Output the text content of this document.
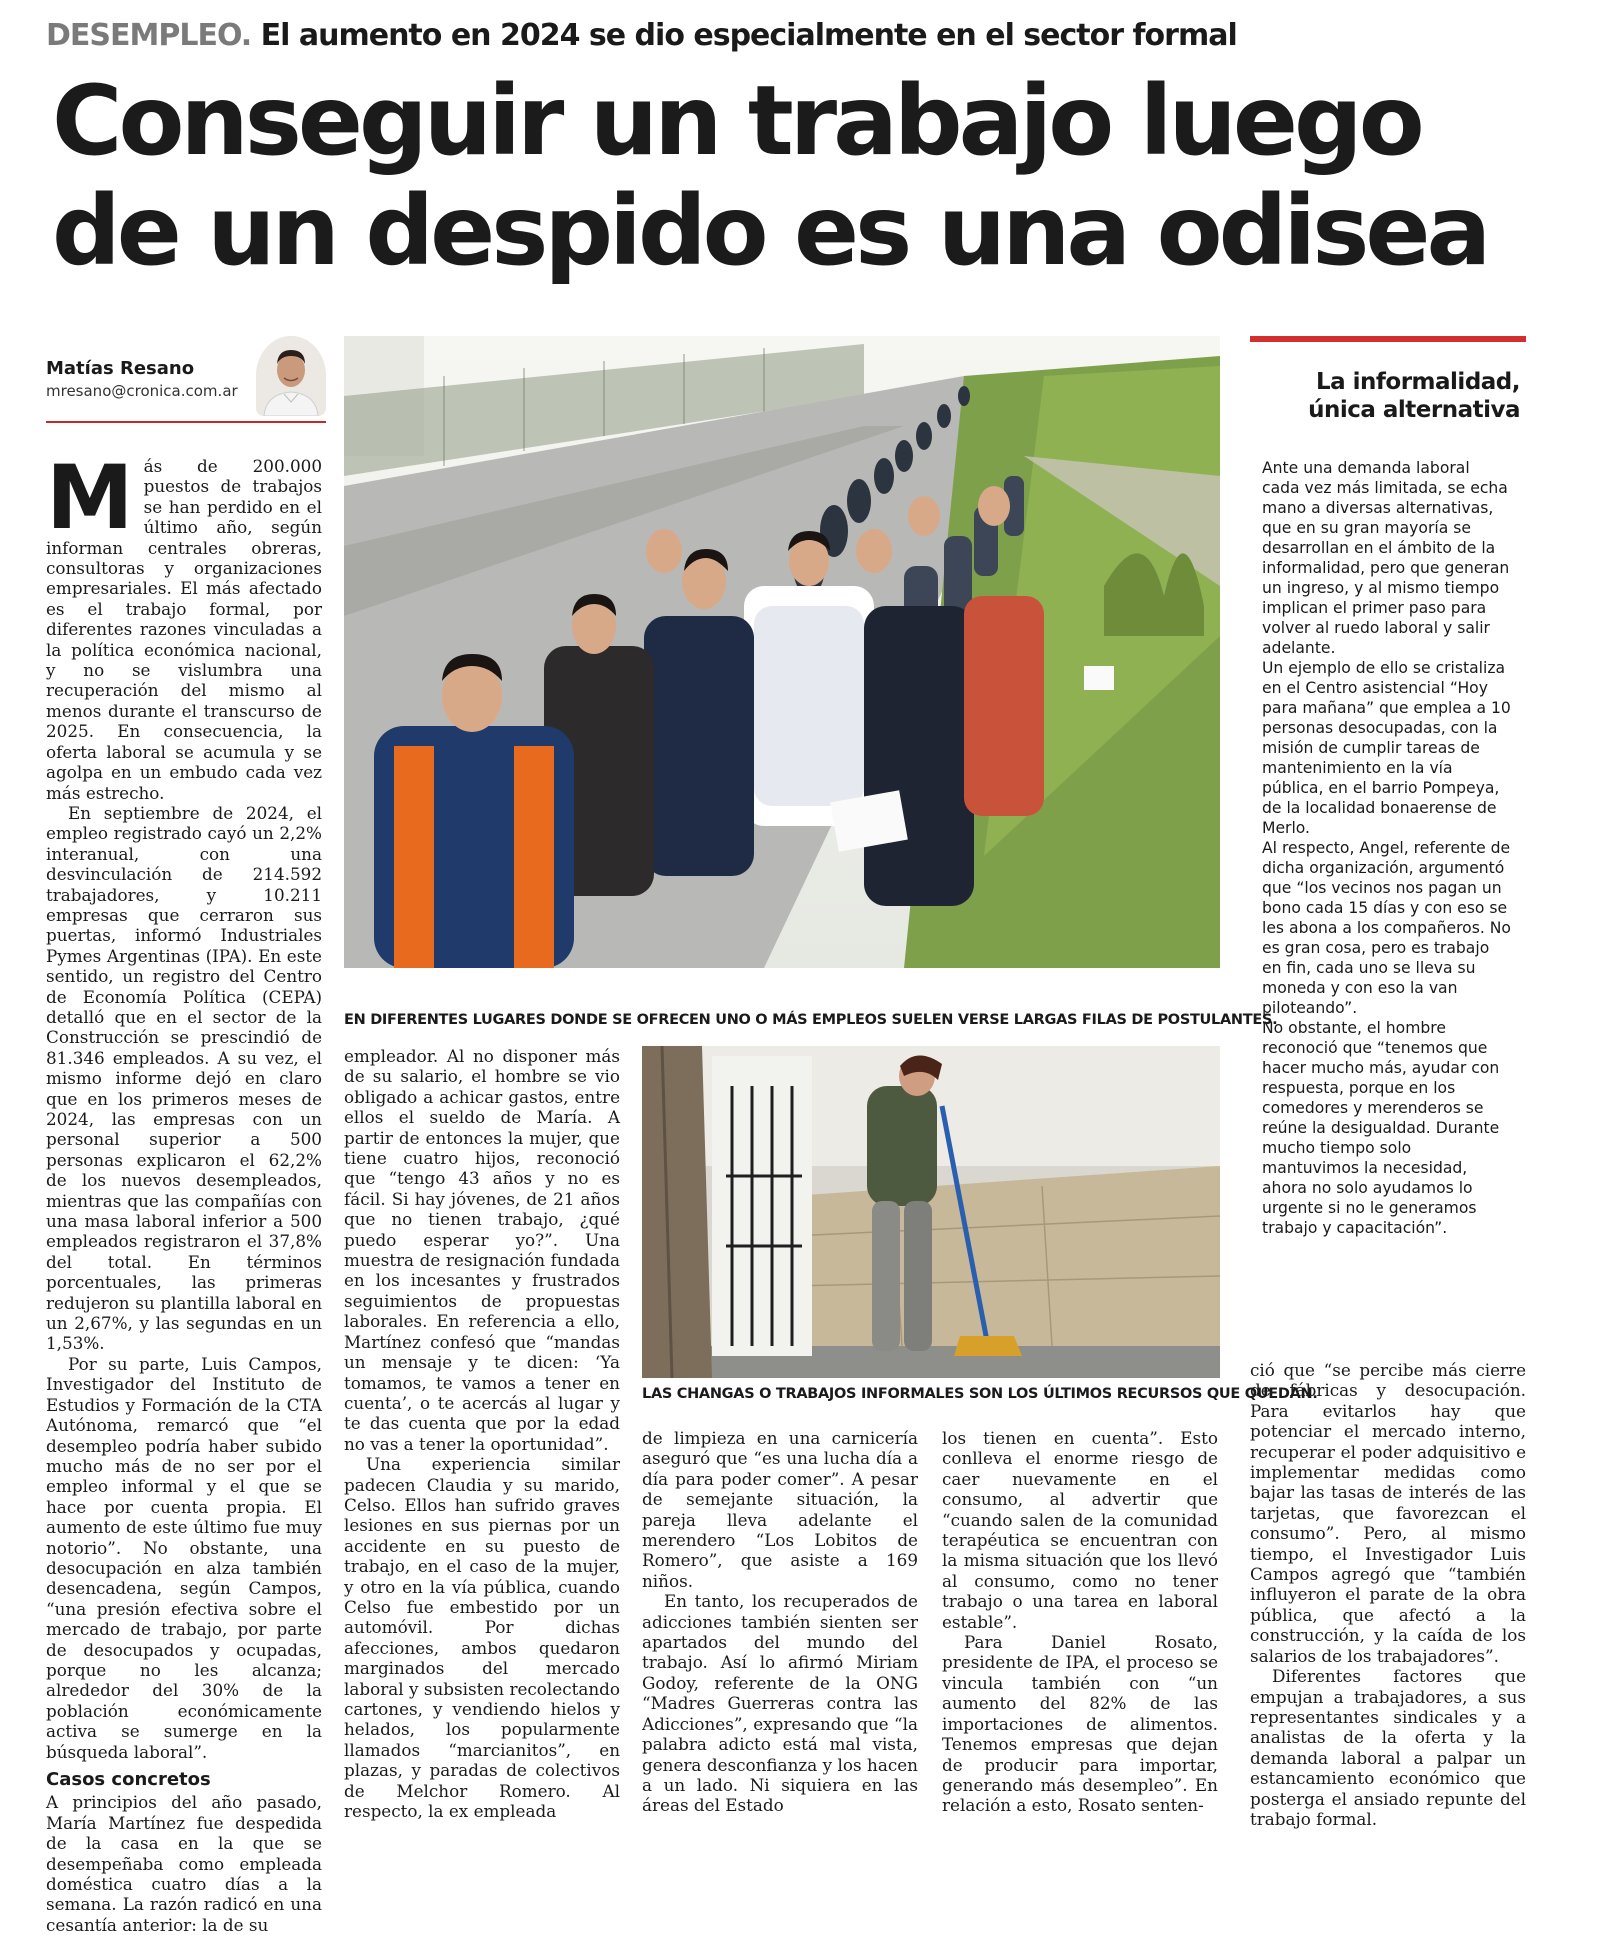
DESEMPLEO. El aumento en 2024 se dio especialmente en el sector formal
Conseguir un trabajo luego
de un despido es una odisea
Matías Resano
mresano@cronica.com.ar
M ás de 200.000 puestos de trabajos se han perdido en el último año, según informan centrales obreras, consultoras y organizaciones empresariales. El más afectado es el trabajo formal, por diferentes razones vinculadas a la política económica nacional, y no se vislumbra una recuperación del mismo al menos durante el transcurso de 2025. En consecuencia, la oferta laboral se acumula y se agolpa en un embudo cada vez más estrecho.

En septiembre de 2024, el empleo registrado cayó un 2,2% interanual, con una desvinculación de 214.592 trabajadores, y 10.211 empresas que cerraron sus puertas, informó Industriales Pymes Argentinas (IPA). En este sentido, un registro del Centro de Economía Política (CEPA) detalló que en el sector de la Construcción se prescindió de 81.346 empleados. A su vez, el mismo informe dejó en claro que en los primeros meses de 2024, las empresas con un personal superior a 500 personas explicaron el 62,2% de los nuevos desempleados, mientras que las compañías con una masa laboral inferior a 500 empleados registraron el 37,8% del total. En términos porcentuales, las primeras redujeron su plantilla laboral en un 2,67%, y las segundas en un 1,53%.

Por su parte, Luis Campos, Investigador del Instituto de Estudios y Formación de la CTA Autónoma, remarcó que “el desempleo podría haber subido mucho más de no ser por el empleo informal y el que se hace por cuenta propia. El aumento de este último fue muy notorio”. No obstante, una desocupación en alza también desencadena, según Campos, “una presión efectiva sobre el mercado de trabajo, por parte de desocupados y ocupadas, porque no les alcanza; alrededor del 30% de la población económicamente activa se sumerge en la búsqueda laboral”.

Casos concretos

A principios del año pasado, María Martínez fue despedida de la casa en la que se desempeñaba como empleada doméstica cuatro días a la semana. La razón radicó en una cesantía anterior: la de su

EN DIFERENTES LUGARES DONDE SE OFRECEN UNO O MÁS EMPLEOS SUELEN VERSE LARGAS FILAS DE POSTULANTES.

empleador. Al no disponer más de su salario, el hombre se vio obligado a achicar gastos, entre ellos el sueldo de María. A partir de entonces la mujer, que tiene cuatro hijos, reconoció que “tengo 43 años y no es fácil. Si hay jóvenes, de 21 años que no tienen trabajo, ¿qué puedo esperar yo?”. Una muestra de resignación fundada en los incesantes y frustrados seguimientos de propuestas laborales. En referencia a ello, Martínez confesó que “mandas un mensaje y te dicen: ‘Ya tomamos, te vamos a tener en cuenta’, o te acercás al lugar y te das cuenta que por la edad no vas a tener la oportunidad”.

Una experiencia similar padecen Claudia y su marido, Celso. Ellos han sufrido graves lesiones en sus piernas por un accidente en su puesto de trabajo, en el caso de la mujer, y otro en la vía pública, cuando Celso fue embestido por un automóvil. Por dichas afecciones, ambos quedaron marginados del mercado laboral y subsisten recolectando cartones, y vendiendo hielos y helados, los popularmente llamados “marcianitos”, en plazas, y paradas de colectivos de Melchor Romero. Al respecto, la ex empleada

LAS CHANGAS O TRABAJOS INFORMALES SON LOS ÚLTIMOS RECURSOS QUE QUEDAN.

de limpieza en una carnicería aseguró que “es una lucha día a día para poder comer”. A pesar de semejante situación, la pareja lleva adelante el merendero “Los Lobitos de Romero”, que asiste a 169 niños.

En tanto, los recuperados de adicciones también sienten ser apartados del mundo del trabajo. Así lo afirmó Miriam Godoy, referente de la ONG “Madres Guerreras contra las Adicciones”, expresando que “la palabra adicto está mal vista, genera desconfianza y los hacen a un lado. Ni siquiera en las áreas del Estado

los tienen en cuenta”. Esto conlleva el enorme riesgo de caer nuevamente en el consumo, al advertir que “cuando salen de la comunidad terapéutica se encuentran con la misma situación que los llevó al consumo, como no tener trabajo o una tarea en laboral estable”.

Para Daniel Rosato, presidente de IPA, el proceso se vincula también con “un aumento del 82% de las importaciones de alimentos. Tenemos empresas que dejan de producir para importar, generando más desempleo”. En relación a esto, Rosato senten-

La informalidad, única alternativa
Ante una demanda laboral cada vez más limitada, se echa mano a diversas alternativas, que en su gran mayoría se desarrollan en el ámbito de la informalidad, pero que generan un ingreso, y al mismo tiempo implican el primer paso para volver al ruedo laboral y salir adelante.
Un ejemplo de ello se cristaliza en el Centro asistencial “Hoy para mañana” que emplea a 10 personas desocupadas, con la misión de cumplir tareas de mantenimiento en la vía pública, en el barrio Pompeya, de la localidad bonaerense de Merlo.
Al respecto, Angel, referente de dicha organización, argumentó que “los vecinos nos pagan un bono cada 15 días y con eso se les abona a los compañeros. No es gran cosa, pero es trabajo en fin, cada uno se lleva su moneda y con eso la van piloteando”.
No obstante, el hombre reconoció que “tenemos que hacer mucho más, ayudar con respuesta, porque en los comedores y merenderos se reúne la desigualdad. Durante mucho tiempo solo mantuvimos la necesidad, ahora no solo ayudamos lo urgente si no le generamos trabajo y capacitación”.

ció que “se percibe más cierre de fábricas y desocupación. Para evitarlos hay que potenciar el mercado interno, recuperar el poder adquisitivo e implementar medidas como bajar las tasas de interés de las tarjetas, que favorezcan el consumo”. Pero, al mismo tiempo, el Investigador Luis Campos agregó que “también influyeron el parate de la obra pública, que afectó a la construcción, y la caída de los salarios de los trabajadores”.

Diferentes factores que empujan a trabajadores, a sus representantes sindicales y a analistas de la oferta y la demanda laboral a palpar un estancamiento económico que posterga el ansiado repunte del trabajo formal.
